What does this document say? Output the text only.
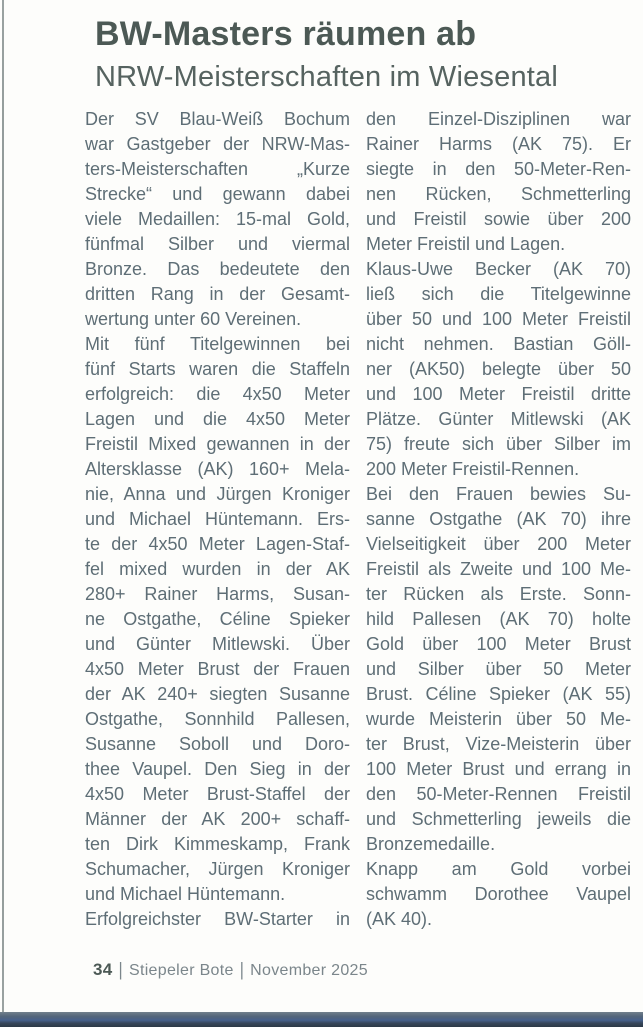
BW-Masters räumen ab
NRW-Meisterschaften im Wiesental
Der SV Blau-Weiß Bochum
war Gastgeber der NRW-Mas-
ters-Meisterschaften „Kurze
Strecke“ und gewann dabei
viele Medaillen: 15-mal Gold,
fünfmal Silber und viermal
Bronze. Das bedeutete den
dritten Rang in der Gesamt-
wertung unter 60 Vereinen.
Mit fünf Titelgewinnen bei
fünf Starts waren die Staffeln
erfolgreich: die 4x50 Meter
Lagen und die 4x50 Meter
Freistil Mixed gewannen in der
Altersklasse (AK) 160+ Mela-
nie, Anna und Jürgen Kroniger
und Michael Hüntemann. Ers-
te der 4x50 Meter Lagen-Staf-
fel mixed wurden in der AK
280+ Rainer Harms, Susan-
ne Ostgathe, Céline Spieker
und Günter Mitlewski. Über
4x50 Meter Brust der Frauen
der AK 240+ siegten Susanne
Ostgathe, Sonnhild Pallesen,
Susanne Soboll und Doro-
thee Vaupel. Den Sieg in der
4x50 Meter Brust-Staffel der
Männer der AK 200+ schaff-
ten Dirk Kimmeskamp, Frank
Schumacher, Jürgen Kroniger
und Michael Hüntemann.
Erfolgreichster BW-Starter in
den Einzel-Disziplinen war
Rainer Harms (AK 75). Er
siegte in den 50-Meter-Ren-
nen Rücken, Schmetterling
und Freistil sowie über 200
Meter Freistil und Lagen.
Klaus-Uwe Becker (AK 70)
ließ sich die Titelgewinne
über 50 und 100 Meter Freistil
nicht nehmen. Bastian Göll-
ner (AK50) belegte über 50
und 100 Meter Freistil dritte
Plätze. Günter Mitlewski (AK
75) freute sich über Silber im
200 Meter Freistil-Rennen.
Bei den Frauen bewies Su-
sanne Ostgathe (AK 70) ihre
Vielseitigkeit über 200 Meter
Freistil als Zweite und 100 Me-
ter Rücken als Erste. Sonn-
hild Pallesen (AK 70) holte
Gold über 100 Meter Brust
und Silber über 50 Meter
Brust. Céline Spieker (AK 55)
wurde Meisterin über 50 Me-
ter Brust, Vize-Meisterin über
100 Meter Brust und errang in
den 50-Meter-Rennen Freistil
und Schmetterling jeweils die
Bronzemedaille.
Knapp am Gold vorbei
schwamm Dorothee Vaupel
(AK 40).
34 | Stiepeler Bote | November 2025
